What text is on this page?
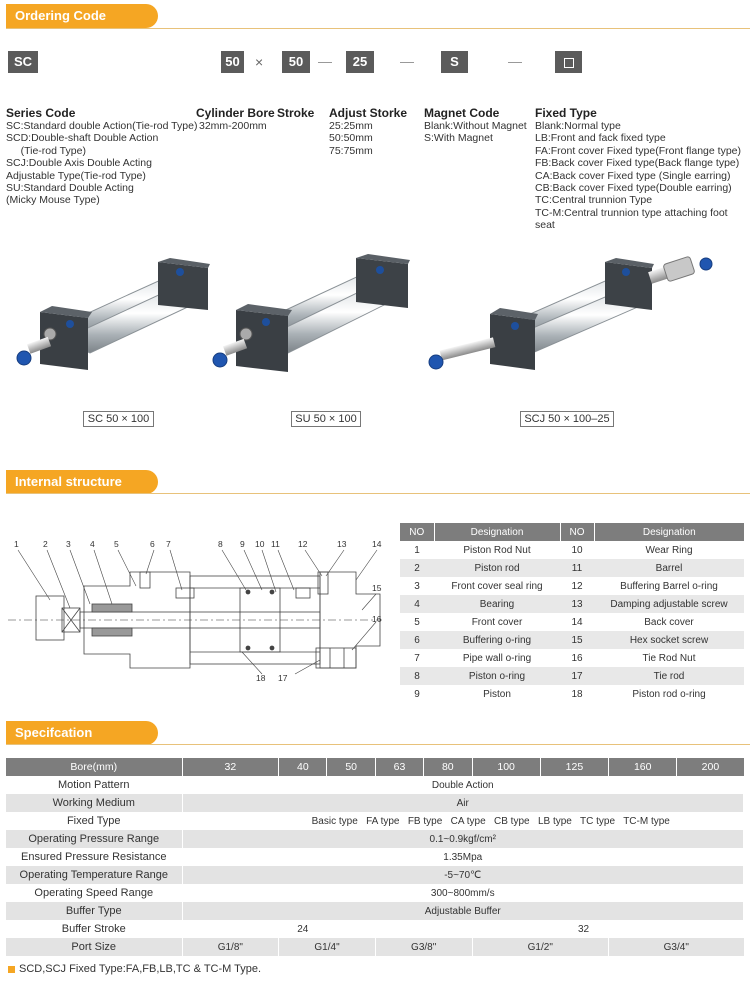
Ordering Code
SC	50	×	50	25	S
Series Code
SC:Standard double Action(Tie-rod Type)
SCD:Double-shaft Double Action
(Tie-rod Type)
SCJ:Double Axis Double Acting
Adjustable Type(Tie-rod Type)
SU:Standard Double Acting
(Micky Mouse Type)
Cylinder Bore
32mm-200mm
Stroke Adjust Storke
25:25mm
50:50mm
75:75mm
Magnet Code
Blank:Without Magnet
S:With Magnet
Fixed Type
Blank:Normal type
LB:Front and fack fixed type
FA:Front cover Fixed type(Front flange type)
FB:Back cover Fixed type(Back flange type)
CA:Back cover Fixed type (Single earring)
CB:Back cover Fixed type(Double earring)
TC:Central trunnion Type
TC-M:Central trunnion type attaching foot seat
SC 50 × 100	SU 50 × 100	SCJ 50 × 100–25
Internal structure
1	2 3 4 5	6 7	8 9 10 11 12	13	14
15
16
17
18
NO	Designation	NO	Designation
1	Piston Rod Nut	10	Wear Ring
2	Piston rod	11	Barrel
3	Front cover seal ring	12	Buffering Barrel o-ring
4	Bearing	13	Damping adjustable screw
5	Front cover	14	Back cover
6	Buffering o-ring	15	Hex socket screw
7	Pipe wall o-ring	16	Tie Rod Nut
8	Piston o-ring	17	Tie rod
9	Piston	18	Piston rod o-ring
Specifcation
Bore(mm)	32	40	50	63	80	100	125	160	200
Motion Pattern	Double Action								
Working Medium	Air								
Fixed Type	Basic type FA type FB type CA type CB type LB type TC type TC-M type								
Operating Pressure Range	0.1~0.9kgf/cm²								
Ensured Pressure Resistance	1.35Mpa								
Operating Temperature Range	-5~70℃								
Operating Speed Range	300~800mm/s								
Buffer Type	Adjustable Buffer								
Buffer Stroke	24				32				
Port Size	G1/8"	G1/4"		G3/8"		G1/2"		G3/4"	
SCD,SCJ Fixed Type:FA,FB,LB,TC & TC-M Type.
